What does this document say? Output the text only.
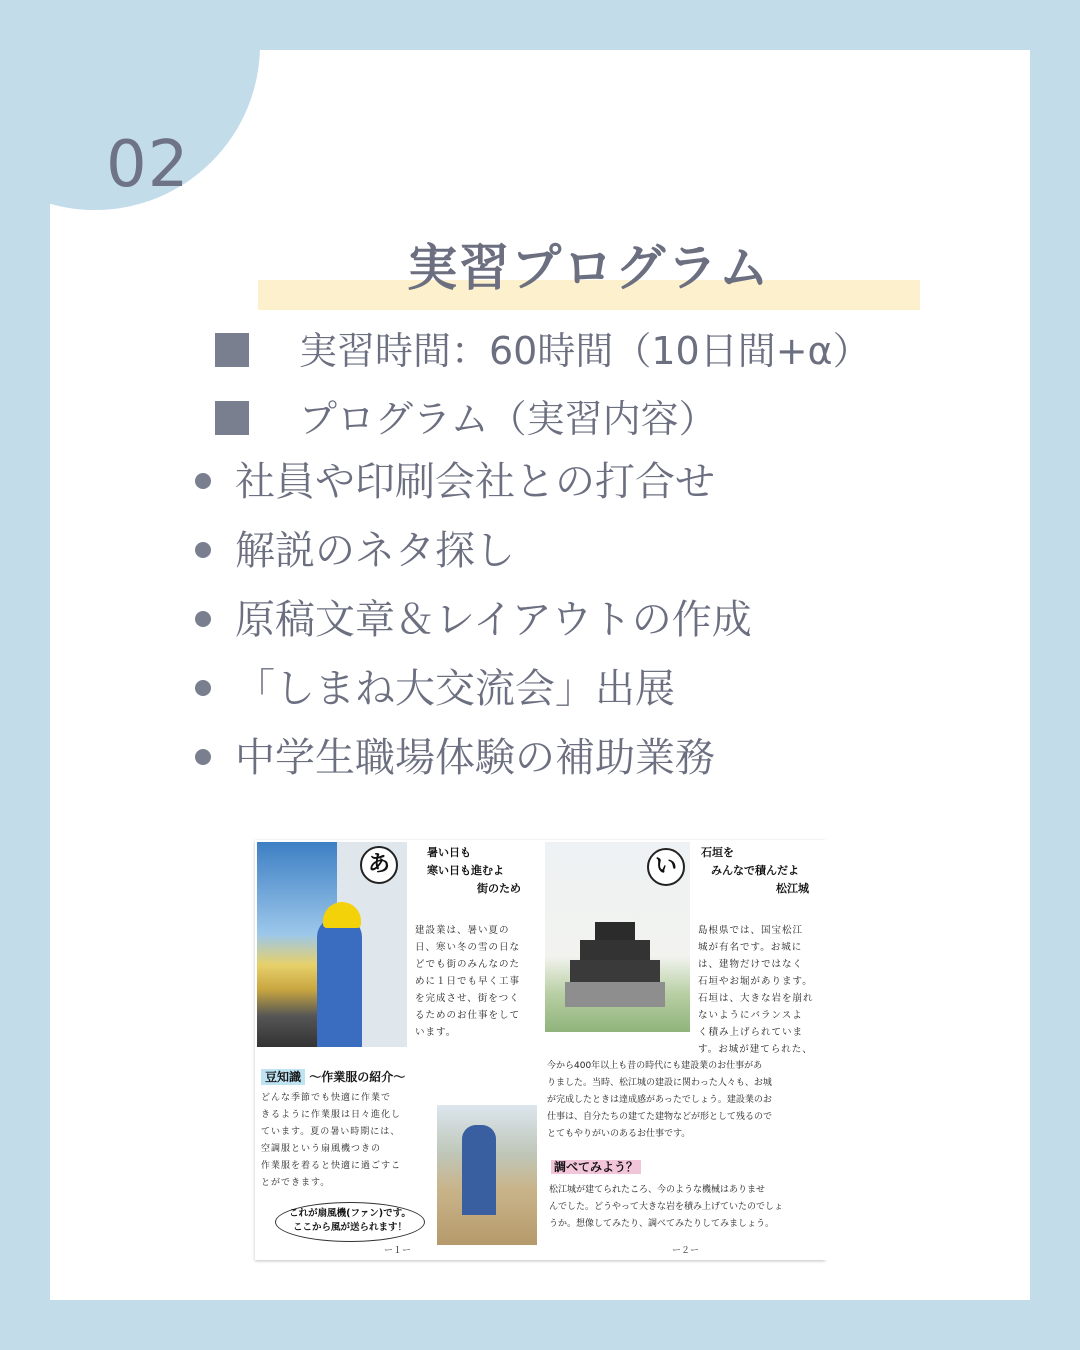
02
実習プログラム
実習時間：60時間（10日間+α）
プログラム（実習内容）
社員や印刷会社との打合せ
解説のネタ探し
原稿文章＆レイアウトの作成
「しまね大交流会」出展
中学生職場体験の補助業務
あ	暑い日も
寒い日も進むよ
街のため
建設業は、暑い夏の
日、寒い冬の雪の日な
どでも街のみんなのた
めに１日でも早く工事
を完成させ、街をつく
るためのお仕事をして
います。
豆知識 〜作業服の紹介〜
どんな季節でも快適に作業で
きるように作業服は日々進化し
ています。夏の暑い時期には、
空調服という扇風機つきの
作業服を着ると快適に過ごすこ
とができます。
これが扇風機(ファン)です。
ここから風が送られます！
ー１ー
い
石垣を
みんなで積んだよ
松江城
島根県では、国宝松江
城が有名です。お城に
は、建物だけではなく
石垣やお堀があります。
石垣は、大きな岩を崩れ
ないようにバランスよ
く積み上げられていま
す。お城が建てられた、
今から400年以上も昔の時代にも建設業のお仕事があ
りました。当時、松江城の建設に関わった人々も、お城
が完成したときは達成感があったでしょう。建設業のお
仕事は、自分たちの建てた建物などが形として残るので
とてもやりがいのあるお仕事です。
調べてみよう？
松江城が建てられたころ、今のような機械はありませ
んでした。どうやって大きな岩を積み上げていたのでしょ
うか。想像してみたり、調べてみたりしてみましょう。
ー２ー
